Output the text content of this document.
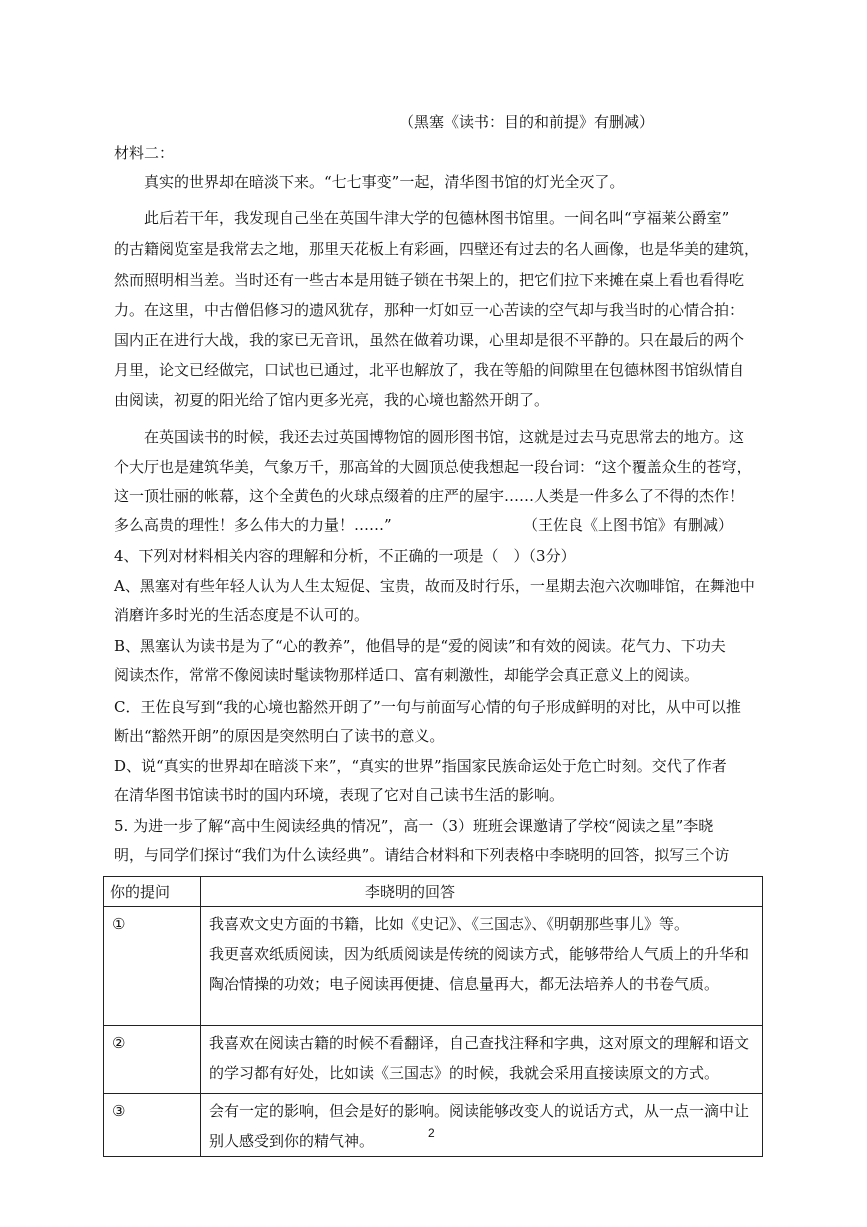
（黑塞《读书：目的和前提》有删减）
材料二：
真实的世界却在暗淡下来。“七七事变”一起，清华图书馆的灯光全灭了。
此后若干年，我发现自己坐在英国牛津大学的包德林图书馆里。一间名叫“亨福莱公爵室”
的古籍阅览室是我常去之地，那里天花板上有彩画，四壁还有过去的名人画像，也是华美的建筑，
然而照明相当差。当时还有一些古本是用链子锁在书架上的，把它们拉下来摊在桌上看也看得吃
力。在这里，中古僧侣修习的遗风犹存，那种一灯如豆一心苦读的空气却与我当时的心情合拍：
国内正在进行大战，我的家已无音讯，虽然在做着功课，心里却是很不平静的。只在最后的两个
月里，论文已经做完，口试也已通过，北平也解放了，我在等船的间隙里在包德林图书馆纵情自
由阅读，初夏的阳光给了馆内更多光亮，我的心境也豁然开朗了。
在英国读书的时候，我还去过英国博物馆的圆形图书馆，这就是过去马克思常去的地方。这
个大厅也是建筑华美，气象万千，那高耸的大圆顶总使我想起一段台词：“这个覆盖众生的苍穹，
这一顶壮丽的帐幕，这个全黄色的火球点缀着的庄严的屋宇……人类是一件多么了不得的杰作！
多么高贵的理性！多么伟大的力量！……”	（王佐良《上图书馆》有删减）
4、下列对材料相关内容的理解和分析，不正确的一项是（　）（3分）
A、黑塞对有些年轻人认为人生太短促、宝贵，故而及时行乐，一星期去泡六次咖啡馆，在舞池中
消磨许多时光的生活态度是不认可的。
B、黑塞认为读书是为了“心的教养”，他倡导的是“爱的阅读”和有效的阅读。花气力、下功夫
阅读杰作，常常不像阅读时髦读物那样适口、富有刺激性，却能学会真正意义上的阅读。
C．王佐良写到“我的心境也豁然开朗了”一句与前面写心情的句子形成鲜明的对比，从中可以推
断出“豁然开朗”的原因是突然明白了读书的意义。
D、说“真实的世界却在暗淡下来”，“真实的世界”指国家民族命运处于危亡时刻。交代了作者
在清华图书馆读书时的国内环境，表现了它对自己读书生活的影响。
5. 为进一步了解“高中生阅读经典的情况”，高一（3）班班会课邀请了学校“阅读之星”李晓
明，与同学们探讨“我们为什么读经典”。请结合材料和下列表格中李晓明的回答，拟写三个访
你的提问	李晓明的回答

①	我喜欢文史方面的书籍，比如《史记》、《三国志》、《明朝那些事儿》等。
我更喜欢纸质阅读，因为纸质阅读是传统的阅读方式，能够带给人气质上的升华和
陶冶情操的功效；电子阅读再便捷、信息量再大，都无法培养人的书卷气质。

②	我喜欢在阅读古籍的时候不看翻译，自己查找注释和字典，这对原文的理解和语文
的学习都有好处，比如读《三国志》的时候，我就会采用直接读原文的方式。

③	会有一定的影响，但会是好的影响。阅读能够改变人的说话方式，从一点一滴中让
别人感受到你的精气神。	2
